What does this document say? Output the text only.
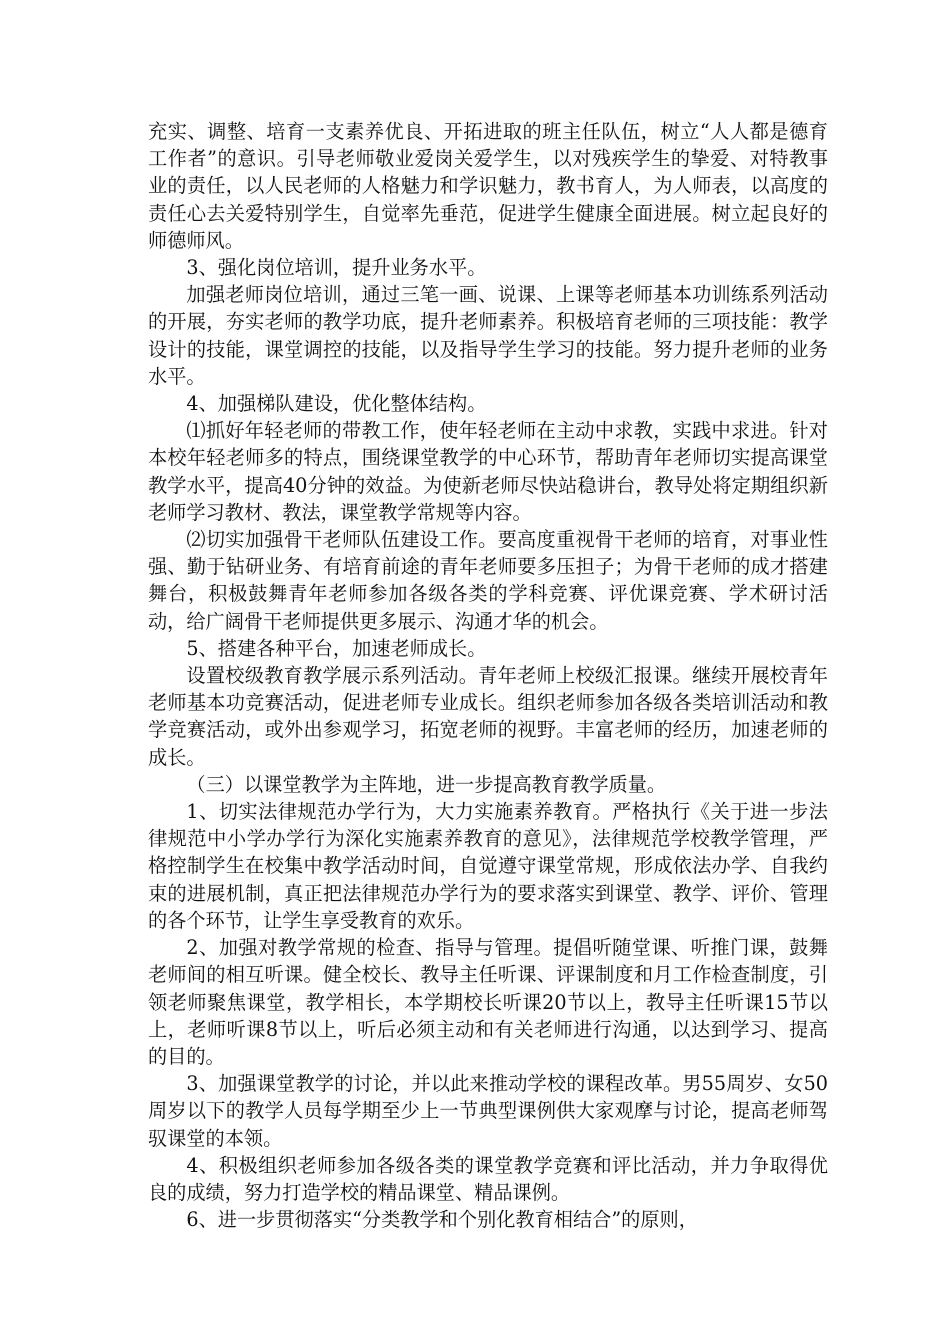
充实、调整、培育一支素养优良、开拓进取的班主任队伍，树立“人人都是德育工作者”的意识。引导老师敬业爱岗关爱学生，以对残疾学生的挚爱、对特教事业的责任，以人民老师的人格魅力和学识魅力，教书育人，为人师表，以高度的责任心去关爱特别学生，自觉率先垂范，促进学生健康全面进展。树立起良好的师德师风。

3、强化岗位培训，提升业务水平。

加强老师岗位培训，通过三笔一画、说课、上课等老师基本功训练系列活动的开展，夯实老师的教学功底，提升老师素养。积极培育老师的三项技能：教学设计的技能，课堂调控的技能，以及指导学生学习的技能。努力提升老师的业务水平。

4、加强梯队建设，优化整体结构。

⑴抓好年轻老师的带教工作，使年轻老师在主动中求教，实践中求进。针对本校年轻老师多的特点，围绕课堂教学的中心环节，帮助青年老师切实提高课堂教学水平，提高40分钟的效益。为使新老师尽快站稳讲台，教导处将定期组织新老师学习教材、教法，课堂教学常规等内容。

⑵切实加强骨干老师队伍建设工作。要高度重视骨干老师的培育，对事业性强、勤于钻研业务、有培育前途的青年老师要多压担子；为骨干老师的成才搭建舞台，积极鼓舞青年老师参加各级各类的学科竞赛、评优课竞赛、学术研讨活动，给广阔骨干老师提供更多展示、沟通才华的机会。

5、搭建各种平台，加速老师成长。

设置校级教育教学展示系列活动。青年老师上校级汇报课。继续开展校青年老师基本功竞赛活动，促进老师专业成长。组织老师参加各级各类培训活动和教学竞赛活动，或外出参观学习，拓宽老师的视野。丰富老师的经历，加速老师的成长。

（三）以课堂教学为主阵地，进一步提高教育教学质量。

1、切实法律规范办学行为，大力实施素养教育。严格执行《关于进一步法律规范中小学办学行为深化实施素养教育的意见》，法律规范学校教学管理，严格控制学生在校集中教学活动时间，自觉遵守课堂常规，形成依法办学、自我约束的进展机制，真正把法律规范办学行为的要求落实到课堂、教学、评价、管理的各个环节，让学生享受教育的欢乐。

2、加强对教学常规的检查、指导与管理。提倡听随堂课、听推门课，鼓舞老师间的相互听课。健全校长、教导主任听课、评课制度和月工作检查制度，引领老师聚焦课堂，教学相长，本学期校长听课20节以上，教导主任听课15节以上，老师听课8节以上，听后必须主动和有关老师进行沟通，以达到学习、提高的目的。

3、加强课堂教学的讨论，并以此来推动学校的课程改革。男55周岁、女50周岁以下的教学人员每学期至少上一节典型课例供大家观摩与讨论，提高老师驾驭课堂的本领。

4、积极组织老师参加各级各类的课堂教学竞赛和评比活动，并力争取得优良的成绩，努力打造学校的精品课堂、精品课例。

6、进一步贯彻落实“分类教学和个别化教育相结合”的原则，
